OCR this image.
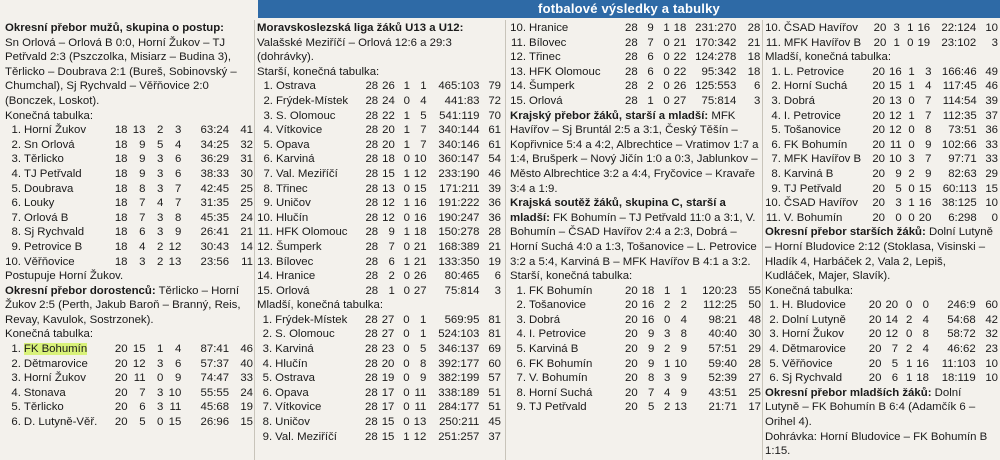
fotbalové výsledky a tabulky

Okresní přebor mužů, skupina o postup:

Sn Orlová – Orlová B 0:0, Horní Žukov – TJ Petřvald 2:3 (Pszczolka, Misiarz – Budina 3), Těrlicko – Doubrava 2:1 (Bureš, Sobinovský – Chumchal), Sj Rychvald – Věřňovice 2:0 (Bonczek, Loskot).

Konečná tabulka:

1.	Horní Žukov	18	13	2	3	63:24	41
2.	Sn Orlová	18	9	5	4	34:25	32
3.	Těrlicko	18	9	3	6	36:29	31
4.	TJ Petřvald	18	9	3	6	38:33	30
5.	Doubrava	18	8	3	7	42:45	25
6.	Louky	18	7	4	7	31:35	25
7.	Orlová B	18	7	3	8	45:35	24
8.	Sj Rychvald	18	6	3	9	26:41	21
9.	Petrovice B	18	4	2	12	30:43	14
10.	Věřňovice	18	3	2	13	23:56	11

Postupuje Horní Žukov.

Okresní přebor dorostenců: Těrlicko – Horní Žukov 2:5 (Perth, Jakub Baroň – Branný, Reis, Revay, Kavulok, Sostrzonek).

Konečná tabulka:

1.	FK Bohumín	20	15	1	4	87:41	46
2.	Dětmarovice	20	12	3	6	57:37	40
3.	Horní Žukov	20	11	0	9	74:47	33
4.	Stonava	20	7	3	10	55:55	24
5.	Těrlicko	20	6	3	11	45:68	19
6.	D. Lutyně-Věř.	20	5	0	15	26:96	15

Moravskoslezská liga žáků U13 a U12: Valašské Meziříčí – Orlová 12:6 a 29:3 (dohrávky).

Starší, konečná tabulka:

1.	Ostrava	28	26	1	1	465:103	79
2.	Frýdek-Místek	28	24	0	4	441:83	72
3.	S. Olomouc	28	22	1	5	541:119	70
4.	Vítkovice	28	20	1	7	340:144	61
5.	Opava	28	20	1	7	340:146	61
6.	Karviná	28	18	0	10	360:147	54
7.	Val. Meziříčí	28	15	1	12	233:190	46
8.	Třinec	28	13	0	15	171:211	39
9.	Uničov	28	12	1	16	191:222	36
10.	Hlučín	28	12	0	16	190:247	36
11.	HFK Olomouc	28	9	1	18	150:278	28
12.	Šumperk	28	7	0	21	168:389	21
13.	Bílovec	28	6	1	21	133:350	19
14.	Hranice	28	2	0	26	80:465	6
15.	Orlová	28	1	0	27	75:814	3

Mladší, konečná tabulka:

1.	Frýdek-Místek	28	27	0	1	569:95	81
2.	S. Olomouc	28	27	0	1	524:103	81
3.	Karviná	28	23	0	5	346:137	69
4.	Hlučín	28	20	0	8	392:177	60
5.	Ostrava	28	19	0	9	382:199	57
6.	Opava	28	17	0	11	338:189	51
7.	Vítkovice	28	17	0	11	284:177	51
8.	Uničov	28	15	0	13	250:211	45
9.	Val. Meziříčí	28	15	1	12	251:257	37
10.	Hranice	28	9	1	18	231:270	28
11.	Bílovec	28	7	0	21	170:342	21
12.	Třinec	28	6	0	22	124:278	18
13.	HFK Olomouc	28	6	0	22	95:342	18
14.	Šumperk	28	2	0	26	125:553	6
15.	Orlová	28	1	0	27	75:814	3

Krajský přebor žáků, starší a mladší: MFK Havířov – Sj Bruntál 2:5 a 3:1, Český Těšín – Kopřivnice 5:4 a 4:2, Albrechtice – Vratimov 1:7 a 1:4, Brušperk – Nový Jičín 1:0 a 0:3, Jablunkov – Město Albrechtice 3:2 a 4:4, Fryčovice – Kravaře 3:4 a 1:9.

Krajská soutěž žáků, skupina C, starší a mladší: FK Bohumín – TJ Petřvald 11:0 a 3:1, V. Bohumín – ČSAD Havířov 2:4 a 2:3, Dobrá – Horní Suchá 4:0 a 1:3, Tošanovice – L. Petrovice 3:2 a 5:4, Karviná B – MFK Havířov B 4:1 a 3:2.

Starší, konečná tabulka:

1.	FK Bohumín	20	18	1	1	120:23	55
2.	Tošanovice	20	16	2	2	112:25	50
3.	Dobrá	20	16	0	4	98:21	48
4.	I. Petrovice	20	9	3	8	40:40	30
5.	Karviná B	20	9	2	9	57:51	29
6.	FK Bohumín	20	9	1	10	59:40	28
7.	V. Bohumín	20	8	3	9	52:39	27
8.	Horní Suchá	20	7	4	9	43:51	25
9.	TJ Petřvald	20	5	2	13	21:71	17
10.	ČSAD Havířov	20	3	1	16	22:124	10
11.	MFK Havířov B	20	1	0	19	23:102	3

Mladší, konečná tabulka:

1.	L. Petrovice	20	16	1	3	166:46	49
2.	Horní Suchá	20	15	1	4	117:45	46
3.	Dobrá	20	13	0	7	114:54	39
4.	I. Petrovice	20	12	1	7	112:35	37
5.	Tošanovice	20	12	0	8	73:51	36
6.	FK Bohumín	20	11	0	9	102:66	33
7.	MFK Havířov B	20	10	3	7	97:71	33
8.	Karviná B	20	9	2	9	82:63	29
9.	TJ Petřvald	20	5	0	15	60:113	15
10.	ČSAD Havířov	20	3	1	16	38:125	10
11.	V. Bohumín	20	0	0	20	6:298	0

Okresní přebor starších žáků: Dolní Lutyně – Horní Bludovice 2:12 (Stoklasa, Visinski – Hladík 4, Harbáček 2, Vala 2, Lepiš, Kudláček, Majer, Slavík).

Konečná tabulka:

1.	H. Bludovice	20	20	0	0	246:9	60
2.	Dolní Lutyně	20	14	2	4	54:68	42
3.	Horní Žukov	20	12	0	8	58:72	32
4.	Dětmarovice	20	7	2	4	46:62	23
5.	Věřňovice	20	5	1	16	11:103	10
6.	Sj Rychvald	20	6	1	18	18:119	10

Okresní přebor mladších žáků: Dolní Lutyně – FK Bohumín B 6:4 (Adamčík 6 – Orihel 4).

Dohrávka: Horní Bludovice – FK Bohumín B 1:15.
